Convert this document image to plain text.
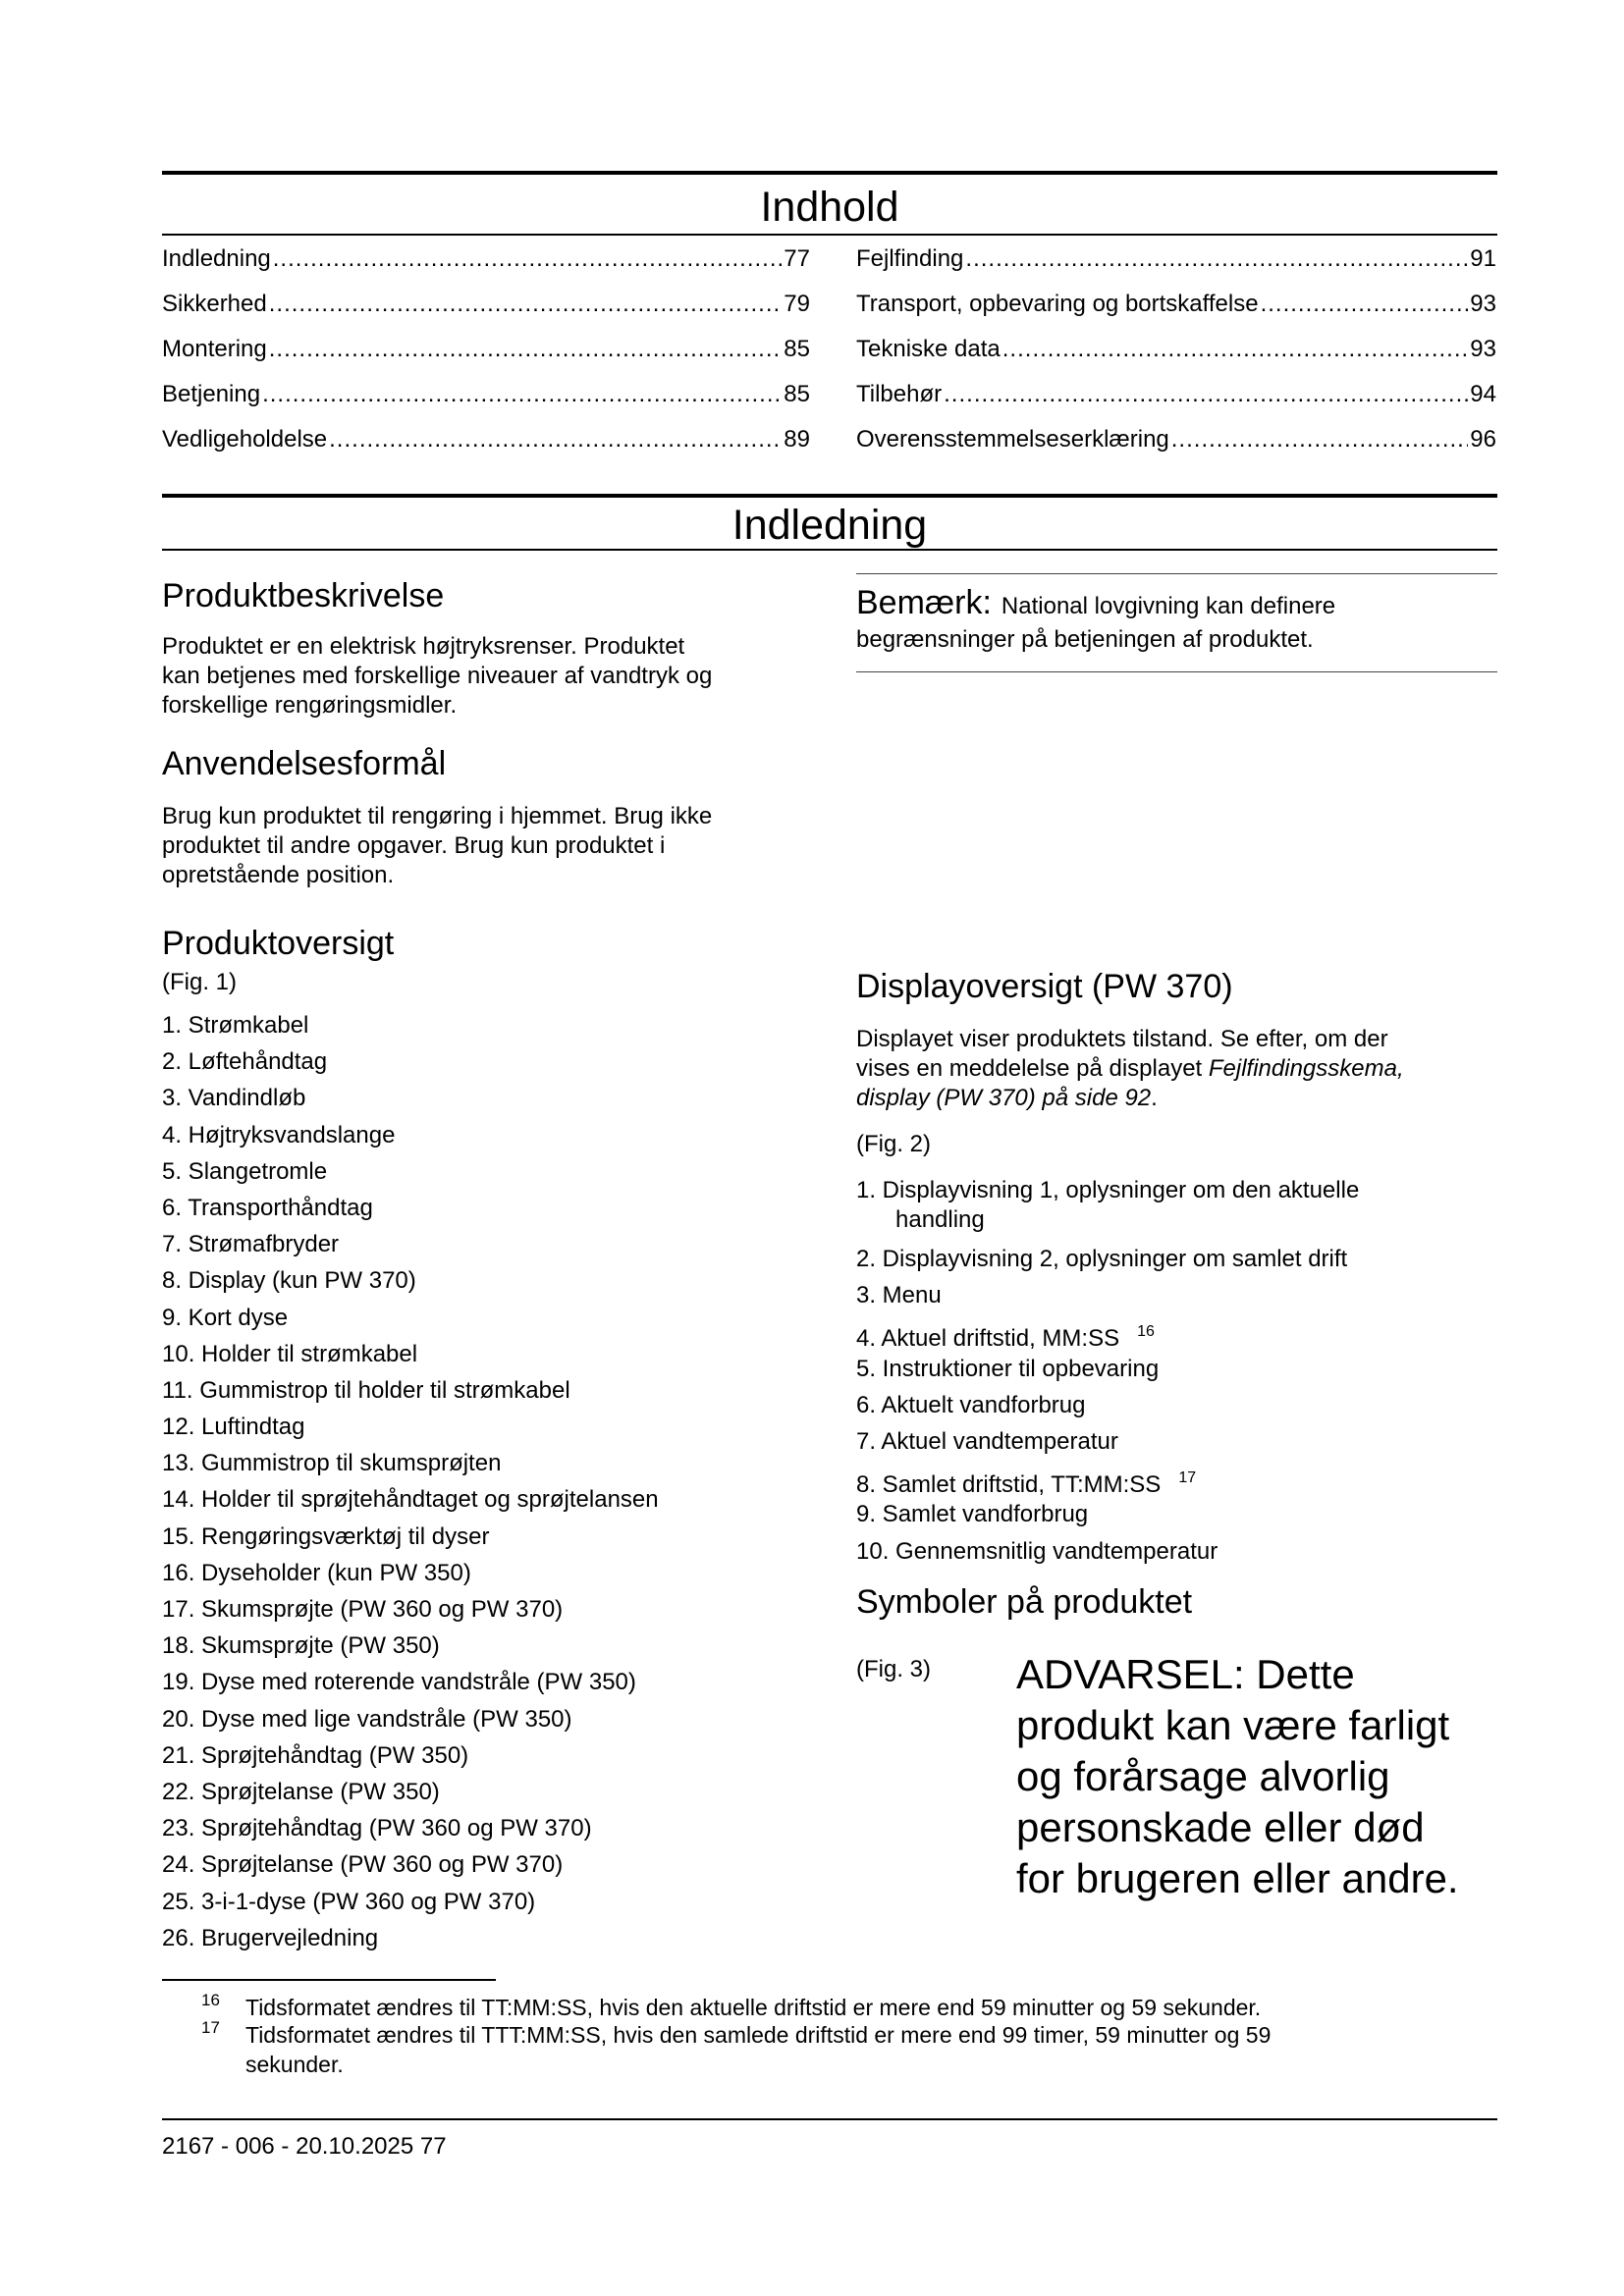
Indhold
Indledning .....	77
Sikkerhed .....	79
Montering .....	85
Betjening .....	85
Vedligeholdelse .....	89
Fejlfinding .....	91
Transport, opbevaring og bortskaffelse .....	93
Tekniske data .....	93
Tilbehør .....	94
Overensstemmelseserklæring .....	96
Indledning
Produktbeskrivelse
Produktet er en elektrisk højtryksrenser. Produktet
kan betjenes med forskellige niveauer af vandtryk og
forskellige rengøringsmidler.
Anvendelsesformål
Brug kun produktet til rengøring i hjemmet. Brug ikke
produktet til andre opgaver. Brug kun produktet i
opretstående position.
Produktoversigt
(Fig. 1)
1. Strømkabel
2. Løftehåndtag
3. Vandindløb
4. Højtryksvandslange
5. Slangetromle
6. Transporthåndtag
7. Strømafbryder
8. Display (kun PW 370)
9. Kort dyse
10. Holder til strømkabel
11. Gummistrop til holder til strømkabel
12. Luftindtag
13. Gummistrop til skumsprøjten
14. Holder til sprøjtehåndtaget og sprøjtelansen
15. Rengøringsværktøj til dyser
16. Dyseholder (kun PW 350)
17. Skumsprøjte (PW 360 og PW 370)
18. Skumsprøjte (PW 350)
19. Dyse med roterende vandstråle (PW 350)
20. Dyse med lige vandstråle (PW 350)
21. Sprøjtehåndtag (PW 350)
22. Sprøjtelanse (PW 350)
23. Sprøjtehåndtag (PW 360 og PW 370)
24. Sprøjtelanse (PW 360 og PW 370)
25. 3-i-1-dyse (PW 360 og PW 370)
26. Brugervejledning
Bemærk: National lovgivning kan definere
begrænsninger på betjeningen af produktet.
Displayoversigt (PW 370)
Displayet viser produktets tilstand. Se efter, om der
vises en meddelelse på displayet Fejlfindingsskema,
display (PW 370) på side 92.
(Fig. 2)
1. Displayvisning 1, oplysninger om den aktuelle
handling
2. Displayvisning 2, oplysninger om samlet drift
3. Menu
4. Aktuel driftstid, MM:SS $^{16}$
5. Instruktioner til opbevaring
6. Aktuelt vandforbrug
7. Aktuel vandtemperatur
8. Samlet driftstid, TT:MM:SS $^{17}$
9. Samlet vandforbrug
10. Gennemsnitlig vandtemperatur
Symboler på produktet
(Fig. 3) ADVARSEL: Dette
produkt kan være farligt
og forårsage alvorlig
personskade eller død
for brugeren eller andre.
16 Tidsformatet ændres til TT:MM:SS, hvis den aktuelle driftstid er mere end 59 minutter og 59 sekunder.
17 Tidsformatet ændres til TTT:MM:SS, hvis den samlede driftstid er mere end 99 timer, 59 minutter og 59
sekunder.
2167 - 006 - 20.10.2025 77
